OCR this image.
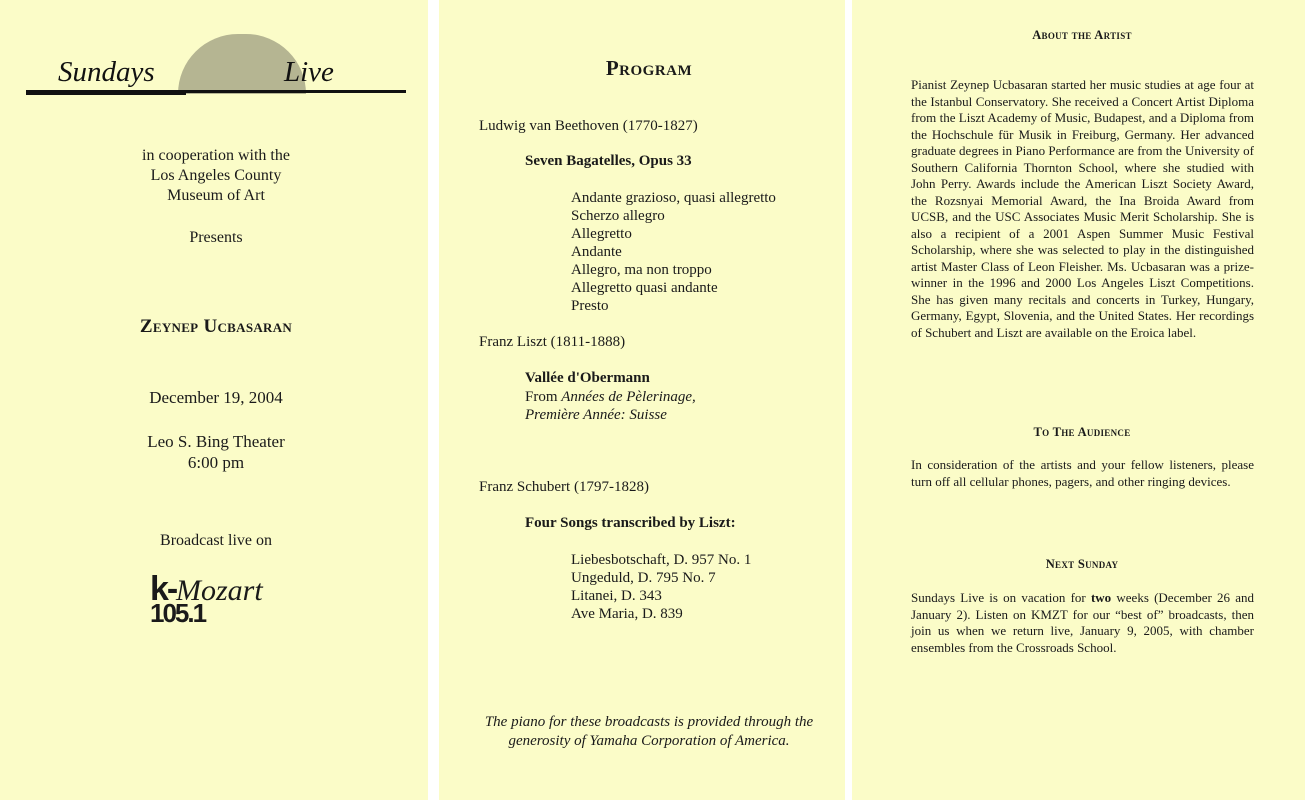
Sundays	Live
in cooperation with the
Los Angeles County
Museum of Art
Presents
Zeynep Ucbasaran
December 19, 2004
Leo S. Bing Theater
6:00 pm
Broadcast live on
k- Mozart
105.1
Program
Ludwig van Beethoven (1770-1827)
Seven Bagatelles, Opus 33
Andante grazioso, quasi allegretto
Scherzo allegro
Allegretto
Andante
Allegro, ma non troppo
Allegretto quasi andante
Presto
Franz Liszt (1811-1888)
Vallée d'Obermann
From Années de Pèlerinage,
Première Année: Suisse
Franz Schubert (1797-1828)
Four Songs transcribed by Liszt:
Liebesbotschaft, D. 957 No. 1
Ungeduld, D. 795 No. 7
Litanei, D. 343
Ave Maria, D. 839
The piano for these broadcasts is provided through the
generosity of Yamaha Corporation of America.
About the Artist
Pianist Zeynep Ucbasaran started her music studies at age four at the Istanbul Conservatory. She received a Concert Artist Diploma from the Liszt Academy of Music, Budapest, and a Diploma from the Hochschule für Musik in Freiburg, Germany. Her advanced graduate degrees in Piano Performance are from the University of Southern California Thornton School, where she studied with John Perry. Awards include the American Liszt Society Award, the Rozsnyai Memorial Award, the Ina Broida Award from UCSB, and the USC Associates Music Merit Scholarship. She is also a recipient of a 2001 Aspen Summer Music Festival Scholarship, where she was selected to play in the distinguished artist Master Class of Leon Fleisher. Ms. Ucbasaran was a prize-winner in the 1996 and 2000 Los Angeles Liszt Competitions. She has given many recitals and concerts in Turkey, Hungary, Germany, Egypt, Slovenia, and the United States. Her recordings of Schubert and Liszt are available on the Eroica label.
To The Audience
In consideration of the artists and your fellow listeners, please turn off all cellular phones, pagers, and other ringing devices.
Next Sunday
Sundays Live is on vacation for two weeks (December 26 and January 2). Listen on KMZT for our “best of” broadcasts, then join us when we return live, January 9, 2005, with chamber ensembles from the Crossroads School.
